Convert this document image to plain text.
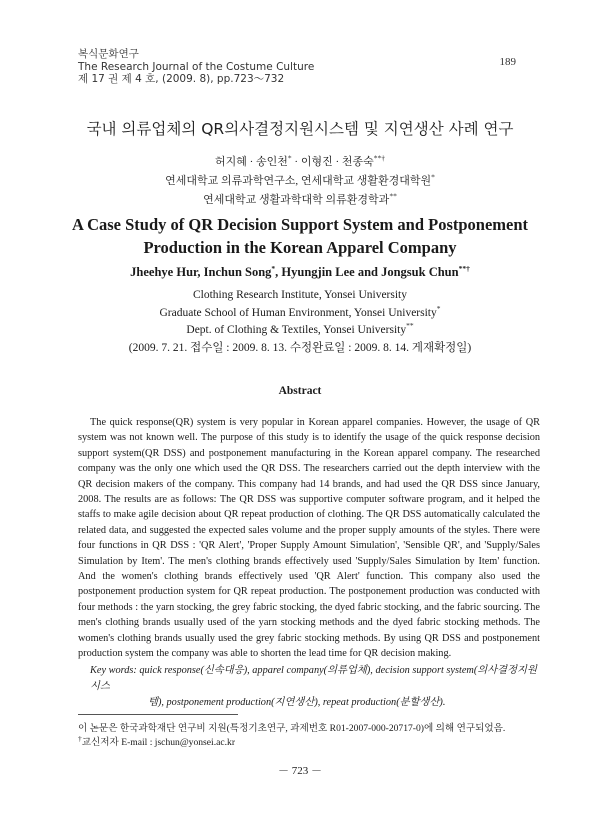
복식문화연구
The Research Journal of the Costume Culture
제 17 권 제 4 호, (2009. 8), pp.723～732
189
국내 의류업체의 QR의사결정지원시스템 및 지연생산 사례 연구
허지혜 · 송인천* · 이형진 · 천종숙**†
연세대학교 의류과학연구소, 연세대학교 생활환경대학원*
연세대학교 생활과학대학 의류환경학과**
A Case Study of QR Decision Support System and Postponement
Production in the Korean Apparel Company
Jheehye Hur, Inchun Song*, Hyungjin Lee and Jongsuk Chun**†
Clothing Research Institute, Yonsei University
Graduate School of Human Environment, Yonsei University*
Dept. of Clothing & Textiles, Yonsei University**
(2009. 7. 21. 접수일 : 2009. 8. 13. 수정완료일 : 2009. 8. 14. 게재확정일)
Abstract

The quick response(QR) system is very popular in Korean apparel companies. However, the usage of QR system was not known well. The purpose of this study is to identify the usage of the quick response decision support system(QR DSS) and postponement manufacturing in the Korean apparel company. The researched company was the only one which used the QR DSS. The researchers carried out the depth interview with the QR decision makers of the company. This company had 14 brands, and had used the QR DSS since January, 2008. The results are as follows: The QR DSS was supportive computer software program, and it helped the staffs to make agile decision about QR repeat production of clothing. The QR DSS automatically calculated the related data, and suggested the expected sales volume and the proper supply amounts of the styles. There were four functions in QR DSS : 'QR Alert', 'Proper Supply Amount Simulation', 'Sensible QR', and 'Supply/Sales Simulation by Item'. The men's clothing brands effectively used 'Supply/Sales Simulation by Item' function. And the women's clothing brands effectively used 'QR Alert' function. This company also used the postponement production system for QR repeat production. The postponement production was conducted with four methods : the yarn stocking, the grey fabric stocking, the dyed fabric stocking, and the fabric sourcing. The men's clothing brands usually used of the yarn stocking methods and the dyed fabric stocking methods. The women's clothing brands usually used the grey fabric stocking methods. By using QR DSS and postponement production system the company was able to shorten the lead time for QR decision making.

Key words: quick response(신속대응), apparel company(의류업체), decision support system(의사결정지원시스
템), postponement production(지연생산), repeat production(분할생산).
이 논문은 한국과학재단 연구비 지원(특정기초연구, 과제번호 R01-2007-000-20717-0)에 의해 연구되었음.
†교신저자 E-mail : jschun@yonsei.ac.kr
－ 723 －
